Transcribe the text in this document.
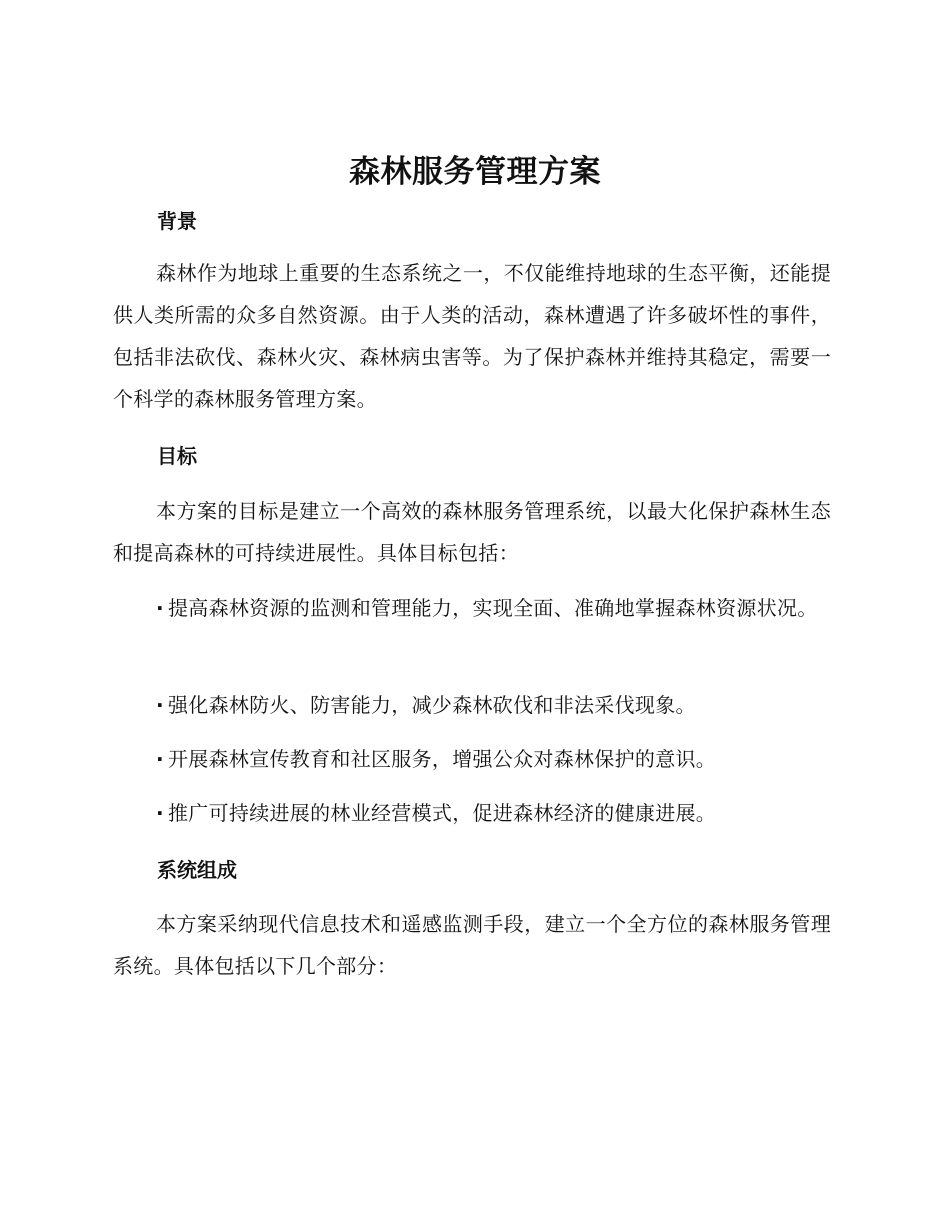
森林服务管理方案
背景

森林作为地球上重要的生态系统之一，不仅能维持地球的生态平衡，还能提供人类所需的众多自然资源。由于人类的活动，森林遭遇了许多破坏性的事件，包括非法砍伐、森林火灾、森林病虫害等。为了保护森林并维持其稳定，需要一个科学的森林服务管理方案。

目标

本方案的目标是建立一个高效的森林服务管理系统，以最大化保护森林生态和提高森林的可持续进展性。具体目标包括：

· 提高森林资源的监测和管理能力，实现全面、准确地掌握森林资源状况。

· 强化森林防火、防害能力，减少森林砍伐和非法采伐现象。

· 开展森林宣传教育和社区服务，增强公众对森林保护的意识。

· 推广可持续进展的林业经营模式，促进森林经济的健康进展。

系统组成

本方案采纳现代信息技术和遥感监测手段，建立一个全方位的森林服务管理系统。具体包括以下几个部分：
